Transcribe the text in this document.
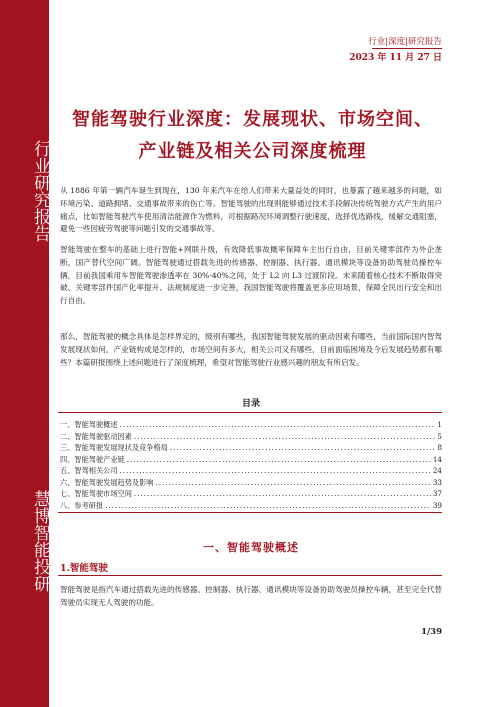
行业研究报告
慧博智能投研
行业|深度|研究报告
2023 年 11 月 27 日
智能驾驶行业深度：发展现状、市场空间、
产业链及相关公司深度梳理
从 1886 年第一辆汽车诞生到现在，130 年来汽车在给人们带来大量益处的同时，也暴露了越来越多的问题，如环境污染、道路拥堵、交通事故带来的伤亡等。智能驾驶的出现则能够通过技术手段解决传统驾驶方式产生的用户痛点，比如智能驾驶汽车使用清洁能源作为燃料，可根据路况环境调整行驶速度，选择优选路线，缓解交通阻塞，避免一些因疲劳驾驶等问题引发的交通事故等。
智能驾驶在整车的基础上进行智能+网联升级，有效降低事故概率保障车主出行自由，目前关键零部件为外企垄断，国产替代空间广阔。智能驾驶通过搭载先进的传感器、控制器、执行器、通讯模块等设备协助驾驶员操控车辆，目前我国乘用车智能驾驶渗透率在 30%-40%之间，处于 L2 向 L3 过渡阶段。未来随着核心技术不断取得突破、关键零部件国产化率提升、法规制度进一步完善，我国智能驾驶将覆盖更多应用场景，保障全民出行安全和出行自由。
那么，智能驾驶的概念具体是怎样界定的，级别有哪些，我国智能驾驶发展的驱动因素有哪些，当前国际国内智驾发展现状如何，产业链构成是怎样的，市场空间有多大，相关公司又有哪些，目前面临困境及今后发展趋势都有哪些？本篇研报围绕上述问题进行了深度梳理，希望对智能驾驶行业感兴趣的朋友有所启发。
目录
一、智能驾驶概述 .....	1
二、智能驾驶驱动因素 .....	5
三、智能驾驶发展现状及竞争格局 .....	8
四、智能驾驶产业链 .....	14
五、智驾相关公司 .....	24
六、智能驾驶发展趋势及影响 .....	33
七、智能驾驶市场空间 .....	37
八、参考研报 .....	39
一、智能驾驶概述
1.智能驾驶
智能驾驶是指汽车通过搭载先进的传感器、控制器、执行器、通讯模块等设备协助驾驶员操控车辆，甚至完全代替驾驶员实现无人驾驶的功能。
1/39
